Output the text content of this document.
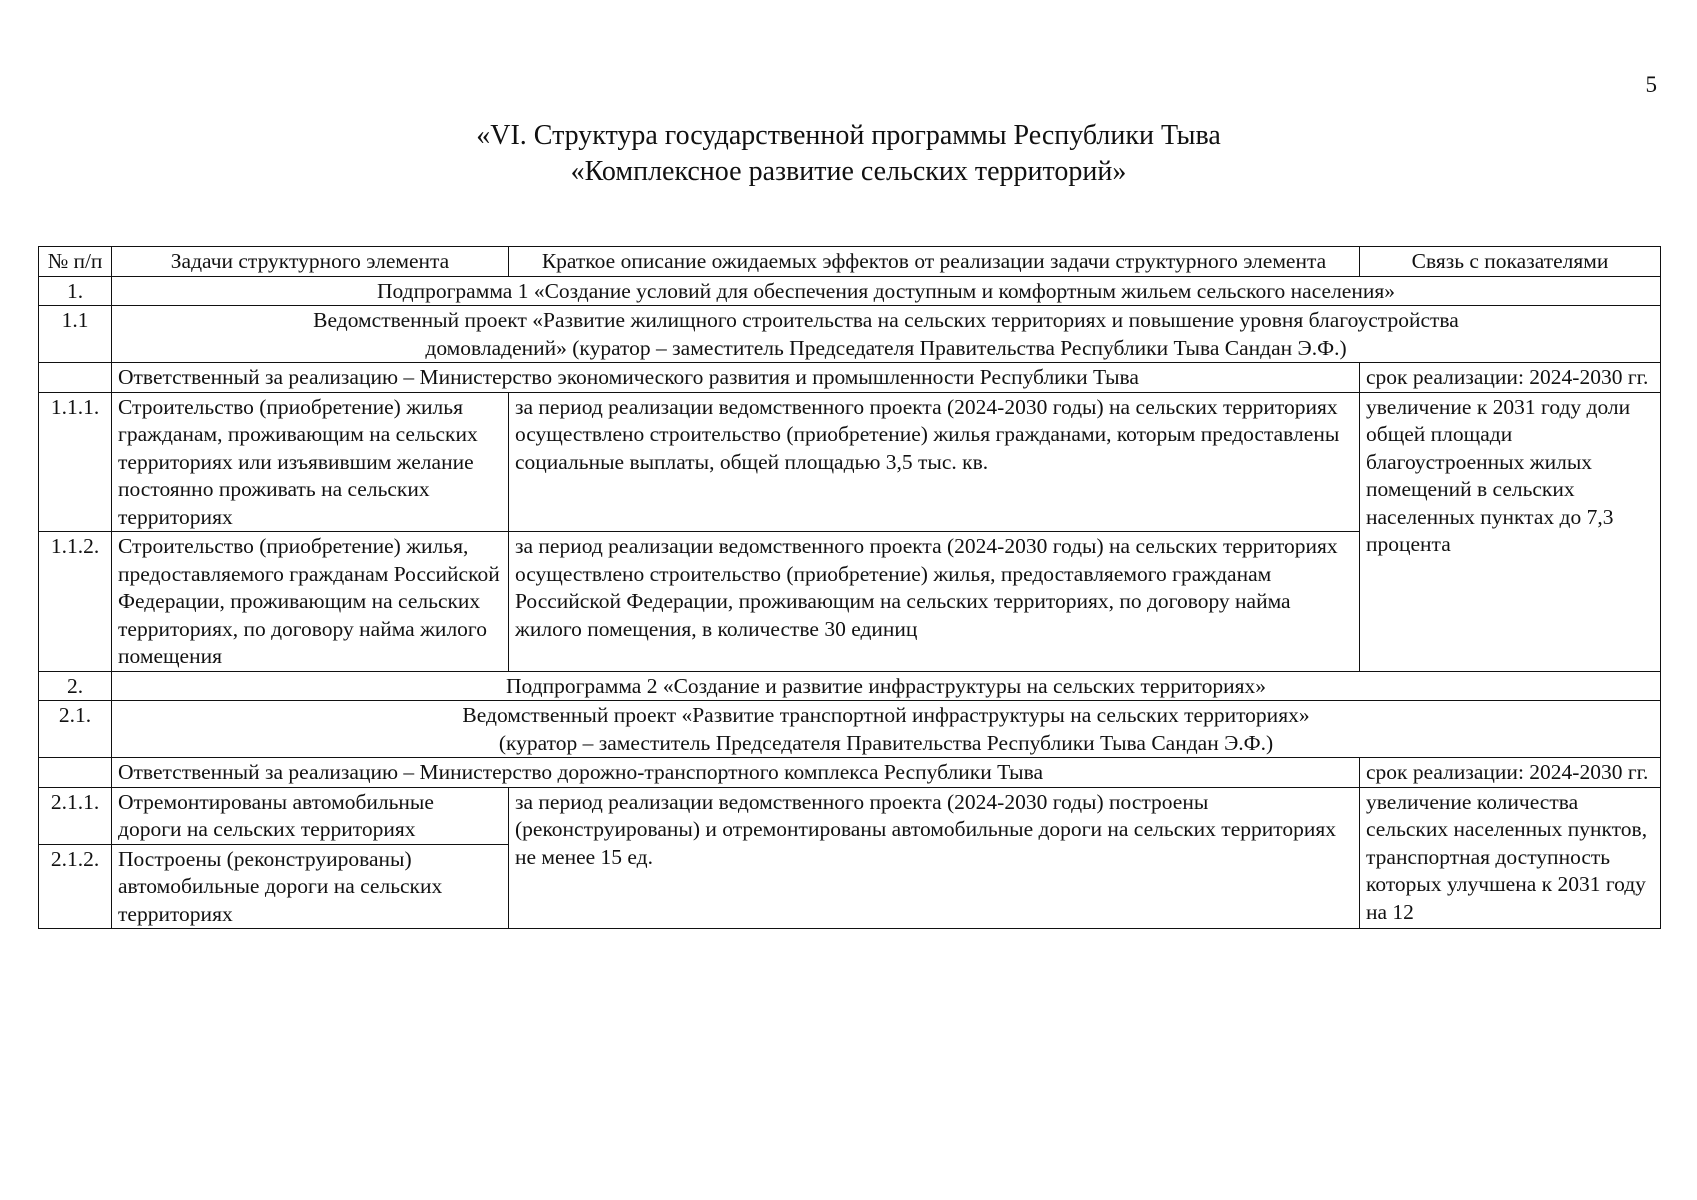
5
«VI. Структура государственной программы Республики Тыва
«Комплексное развитие сельских территорий»
№ п/п	Задачи структурного элемента	Краткое описание ожидаемых эффектов от реализации задачи структурного элемента	Связь с показателями
1.	Подпрограмма 1 «Создание условий для обеспечения доступным и комфортным жильем сельского населения»		
1.1	Ведомственный проект «Развитие жилищного строительства на сельских территориях и повышение уровня благоустройства
домовладений» (куратор – заместитель Председателя Правительства Республики Тыва Сандан Э.Ф.)		

	Ответственный за реализацию – Министерство экономического развития и промышленности Республики Тыва		срок реализации: 2024-2030 гг.
1.1.1.	Строительство (приобретение) жилья гражданам, проживающим на сельских территориях или изъявившим желание постоянно проживать на сельских территориях	за период реализации ведомственного проекта (2024-2030 годы) на сельских территориях осуществлено строительство (приобретение) жилья гражданами, которым предоставлены социальные выплаты, общей площадью 3,5 тыс. кв.	увеличение к 2031 году доли общей площади благоустроенных жилых помещений в сельских населенных пунктах до 7,3 процента
1.1.2.	Строительство (приобретение) жилья, предоставляемого гражданам Российской Федерации, проживающим на сельских территориях, по договору найма жилого помещения	за период реализации ведомственного проекта (2024-2030 годы) на сельских территориях осуществлено строительство (приобретение) жилья, предоставляемого гражданам Российской Федерации, проживающим на сельских территориях, по договору найма жилого помещения, в количестве 30 единиц	
2.	Подпрограмма 2 «Создание и развитие инфраструктуры на сельских территориях»		
2.1.	Ведомственный проект «Развитие транспортной инфраструктуры на сельских территориях»
(куратор – заместитель Председателя Правительства Республики Тыва Сандан Э.Ф.)		

	Ответственный за реализацию – Министерство дорожно-транспортного комплекса Республики Тыва		срок реализации: 2024-2030 гг.
2.1.1.	Отремонтированы автомобильные дороги на сельских территориях	за период реализации ведомственного проекта (2024-2030 годы) построены (реконструированы) и отремонтированы автомобильные дороги на сельских территориях не менее 15 ед.	увеличение количества сельских населенных пунктов, транспортная доступность которых улучшена к 2031 году на 12
2.1.2.	Построены (реконструированы) автомобильные дороги на сельских территориях		
